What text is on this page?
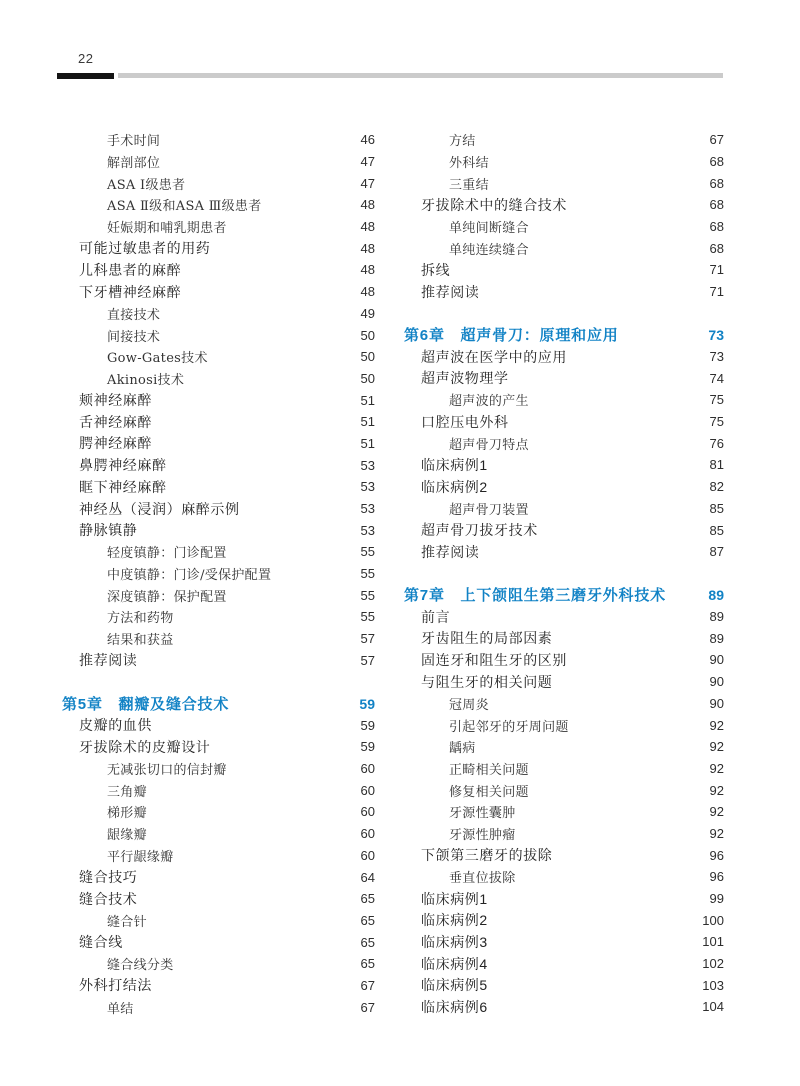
22
手术时间	46
解剖部位	47
ASA Ⅰ级患者	47
ASA Ⅱ级和ASA Ⅲ级患者	48
妊娠期和哺乳期患者	48
可能过敏患者的用药	48
儿科患者的麻醉	48
下牙槽神经麻醉	48
直接技术	49
间接技术	50
Gow-Gates技术	50
Akinosi技术	50
颊神经麻醉	51
舌神经麻醉	51
腭神经麻醉	51
鼻腭神经麻醉	53
眶下神经麻醉	53
神经丛（浸润）麻醉示例	53
静脉镇静	53
轻度镇静：门诊配置	55
中度镇静：门诊/受保护配置	55
深度镇静：保护配置	55
方法和药物	55
结果和获益	57
推荐阅读	57
第5章　翻瓣及缝合技术	59
皮瓣的血供	59
牙拔除术的皮瓣设计	59
无减张切口的信封瓣	60
三角瓣	60
梯形瓣	60
龈缘瓣	60
平行龈缘瓣	60
缝合技巧	64
缝合技术	65
缝合针	65
缝合线	65
缝合线分类	65
外科打结法	67
单结	67
方结	67
外科结	68
三重结	68
牙拔除术中的缝合技术	68
单纯间断缝合	68
单纯连续缝合	68
拆线	71
推荐阅读	71
第6章　超声骨刀：原理和应用	73
超声波在医学中的应用	73
超声波物理学	74
超声波的产生	75
口腔压电外科	75
超声骨刀特点	76
临床病例1	81
临床病例2	82
超声骨刀装置	85
超声骨刀拔牙技术	85
推荐阅读	87
第7章　上下颌阻生第三磨牙外科技术	89
前言	89
牙齿阻生的局部因素	89
固连牙和阻生牙的区别	90
与阻生牙的相关问题	90
冠周炎	90
引起邻牙的牙周问题	92
龋病	92
正畸相关问题	92
修复相关问题	92
牙源性囊肿	92
牙源性肿瘤	92
下颌第三磨牙的拔除	96
垂直位拔除	96
临床病例1	99
临床病例2	100
临床病例3	101
临床病例4	102
临床病例5	103
临床病例6	104
